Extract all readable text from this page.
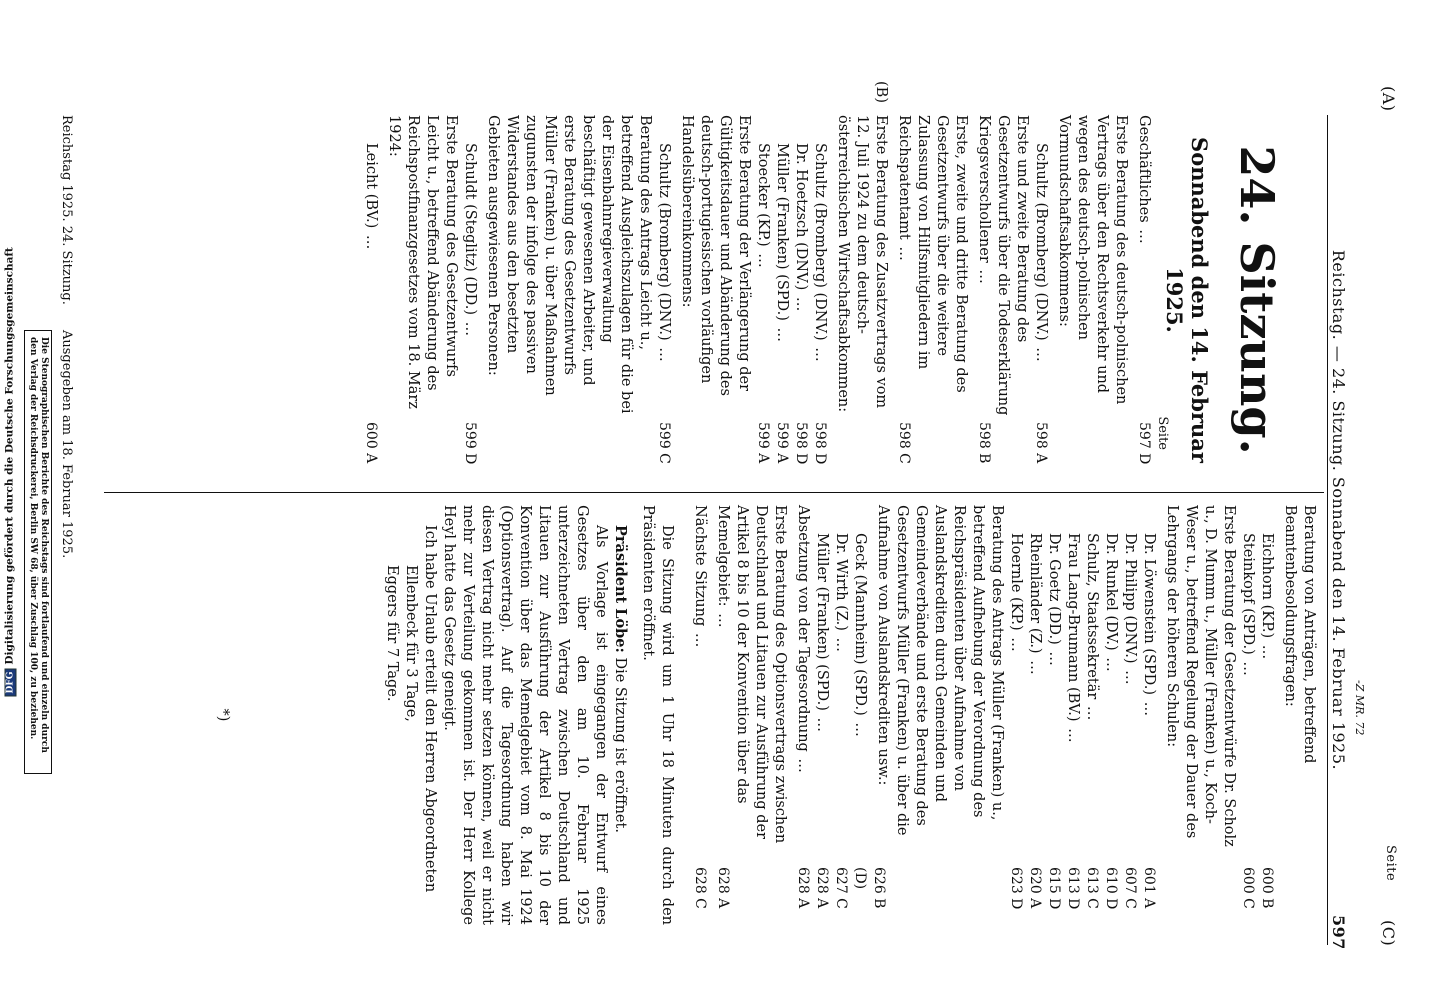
DFGDigitalisierung gefördert durch die Deutsche Forschungsgemeinschaft
(A)
Reichstag. — 24. Sitzung. Sonnabend den 14. Februar 1925.
597
Seite
(C)
-Z MR. 72
24. Sitzung.
Sonnabend den 14. Februar 1925.
Seite
Geschäftliches …
597 D
Erste Beratung des deutsch-polnischen Vertrags über den Rechtsverkehr und wegen des deutsch-polnischen Vormundschaftsabkommens:
Schultz (Bromberg) (DNV.) …
598 A
Erste und zweite Beratung des Gesetzentwurfs über die Todeserklärung Kriegsverschollener …
598 B
Erste, zweite und dritte Beratung des Gesetzentwurfs über die weitere Zulassung von Hilfsmitgliedern im Reichspatentamt …
598 C
(B)
Erste Beratung des Zusatzvertrags vom 12. Juli 1924 zu dem deutsch-österreichischen Wirtschaftsabkommen:
Schultz (Bromberg) (DNV.) …
598 D
Dr. Hoetzsch (DNV.) …
598 D
Müller (Franken) (SPD.) …
599 A
Stoecker (KP.) …
599 A
Erste Beratung der Verlängerung der Gültigkeitsdauer und Abänderung des deutsch-portugiesischen vorläufigen Handelsübereinkommens:
Schultz (Bromberg) (DNV.) …
599 C
Beratung des Antrags Leicht u., betreffend Ausgleichszulagen für die bei der Eisenbahnregieverwaltung beschäftigt gewesenen Arbeiter, und erste Beratung des Gesetzentwurfs Müller (Franken) u. über Maßnahmen zugunsten der infolge des passiven Widerstandes aus den besetzten Gebieten ausgewiesenen Personen:
Schuldt (Steglitz) (DD.) …
599 D
Erste Beratung des Gesetzentwurfs Leicht u., betreffend Abänderung des Reichspostfinanzgesetzes vom 18. März 1924:
Leicht (BV.) …
600 A
Reichstag 1925. 24. Sitzung.
Ausgegeben am 18. Februar 1925.
Beratung von Anträgen, betreffend Beamtenbesoldungsfragen:
Eichhorn (KP.) …
600 B
Steinkopf (SPD.) …
600 C
Erste Beratung der Gesetzentwürfe Dr. Scholz u., D. Mumm u., Müller (Franken) u., Koch-Weser u., betreffend Regelung der Dauer des Lehrgangs der höheren Schulen:
Dr. Löwenstein (SPD.) …
601 A
Dr. Philipp (DNV.) …
607 C
Dr. Runkel (DV.) …
610 D
Schulz, Staatssekretär …
613 C
Frau Lang-Brumann (BV.) …
613 D
Dr. Goetz (DD.) …
615 D
Rheinländer (Z.) …
620 A
Hoernle (KP.) …
623 D
Beratung des Antrags Müller (Franken) u., betreffend Aufhebung der Verordnung des Reichspräsidenten über Aufnahme von Auslandskrediten durch Gemeinden und Gemeindeverbände und erste Beratung des Gesetzentwurfs Müller (Franken) u. über die Aufnahme von Auslandskrediten usw.:
Geck (Mannheim) (SPD.) …
626 B (D)
Dr. Wirth (Z.) …
627 C
Müller (Franken) (SPD.) …
628 A
Absetzung von der Tagesordnung …
628 A
Erste Beratung des Optionsvertrags zwischen Deutschland und Litauen zur Ausführung der Artikel 8 bis 10 der Konvention über das Memelgebiet: …
628 A
Nächste Sitzung …
628 C
Die Sitzung wird um 1 Uhr 18 Minuten durch den Präsidenten eröffnet.
Präsident Löbe: Die Sitzung ist eröffnet.
Als Vorlage ist eingegangen der Entwurf eines Gesetzes über den am 10. Februar 1925 unterzeichneten Vertrag zwischen Deutschland und Litauen zur Ausführung der Artikel 8 bis 10 der Konvention über das Memelgebiet vom 8. Mai 1924 (Optionsvertrag). Auf die Tagesordnung haben wir diesen Vertrag nicht mehr setzen können, weil er nicht mehr zur Verteilung gekommen ist. Der Herr Kollege Heyl hatte das Gesetz geneigt.
Ich habe Urlaub erteilt den Herren Abgeordneten
Ellenbeck für 3 Tage,
Eggers für 7 Tage.
*)
Die Stenographischen Berichte des Reichstags sind fortlaufend und einzeln durch den Verlag der Reichsdruckerei, Berlin SW 68, über Zuschlag 100, zu beziehen.
